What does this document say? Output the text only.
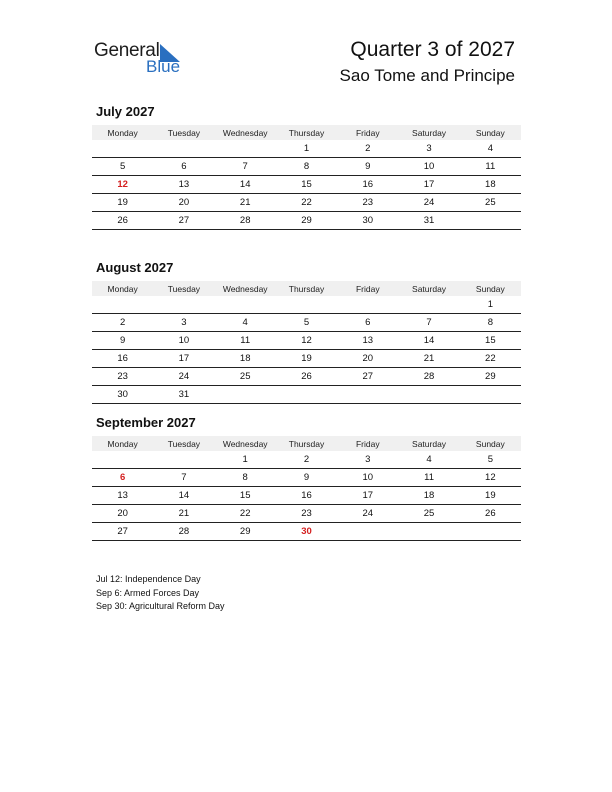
General
Blue
Quarter 3 of 2027
Sao Tome and Principe
July 2027
Monday	Tuesday	Wednesday	Thursday	Friday	Saturday	Sunday
			1	2	3	4
5	6	7	8	9	10	11
12	13	14	15	16	17	18
19	20	21	22	23	24	25
26	27	28	29	30	31	
August 2027
Monday	Tuesday	Wednesday	Thursday	Friday	Saturday	Sunday
						1
2	3	4	5	6	7	8
9	10	11	12	13	14	15
16	17	18	19	20	21	22
23	24	25	26	27	28	29
30	31					
September 2027
Monday	Tuesday	Wednesday	Thursday	Friday	Saturday	Sunday
		1	2	3	4	5
6	7	8	9	10	11	12
13	14	15	16	17	18	19
20	21	22	23	24	25	26
27	28	29	30			
Jul 12: Independence Day
Sep 6: Armed Forces Day
Sep 30: Agricultural Reform Day
